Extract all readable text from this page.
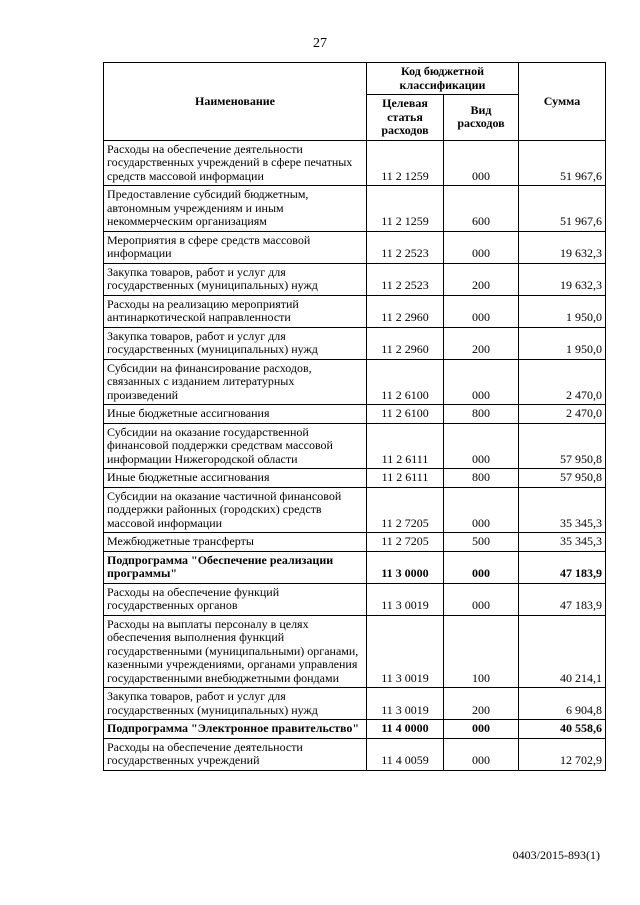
27
Наименование	Код бюджетной классификации		Сумма
	Целевая статья расходов	Вид расходов	
Расходы на обеспечение деятельности государственных учреждений в сфере печатных средств массовой информации	11 2 1259	000	51 967,6
Предоставление субсидий бюджетным, автономным учреждениям и иным некоммерческим организациям	11 2 1259	600	51 967,6
Мероприятия в сфере средств массовой информации	11 2 2523	000	19 632,3
Закупка товаров, работ и услуг для государственных (муниципальных) нужд	11 2 2523	200	19 632,3
Расходы на реализацию мероприятий антинаркотической направленности	11 2 2960	000	1 950,0
Закупка товаров, работ и услуг для государственных (муниципальных) нужд	11 2 2960	200	1 950,0
Субсидии на финансирование расходов, связанных с изданием литературных произведений	11 2 6100	000	2 470,0
Иные бюджетные ассигнования	11 2 6100	800	2 470,0
Субсидии на оказание государственной финансовой поддержки средствам массовой информации Нижегородской области	11 2 6111	000	57 950,8
Иные бюджетные ассигнования	11 2 6111	800	57 950,8
Субсидии на оказание частичной финансовой поддержки районных (городских) средств массовой информации	11 2 7205	000	35 345,3
Межбюджетные трансферты	11 2 7205	500	35 345,3
Подпрограмма "Обеспечение реализации программы"	11 3 0000	000	47 183,9
Расходы на обеспечение функций государственных органов	11 3 0019	000	47 183,9
Расходы на выплаты персоналу в целях обеспечения выполнения функций государственными (муниципальными) органами, казенными учреждениями, органами управления государственными внебюджетными фондами	11 3 0019	100	40 214,1
Закупка товаров, работ и услуг для государственных (муниципальных) нужд	11 3 0019	200	6 904,8
Подпрограмма "Электронное правительство"	11 4 0000	000	40 558,6
Расходы на обеспечение деятельности государственных учреждений	11 4 0059	000	12 702,9
0403/2015-893(1)
